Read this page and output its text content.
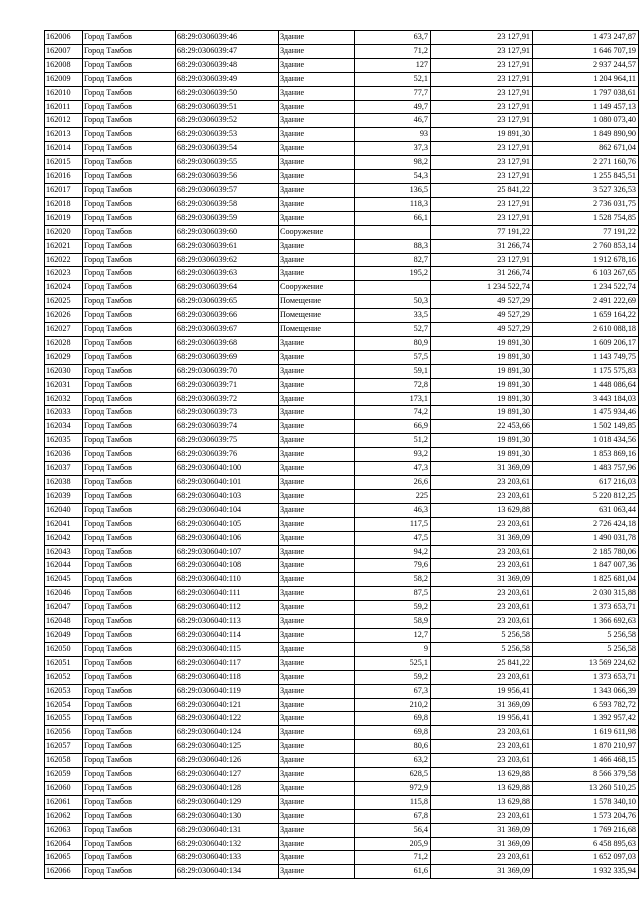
162006	Город Тамбов	68:29:0306039:46	Здание	63,7	23 127,91	1 473 247,87
162007	Город Тамбов	68:29:0306039:47	Здание	71,2	23 127,91	1 646 707,19
162008	Город Тамбов	68:29:0306039:48	Здание	127	23 127,91	2 937 244,57
162009	Город Тамбов	68:29:0306039:49	Здание	52,1	23 127,91	1 204 964,11
162010	Город Тамбов	68:29:0306039:50	Здание	77,7	23 127,91	1 797 038,61
162011	Город Тамбов	68:29:0306039:51	Здание	49,7	23 127,91	1 149 457,13
162012	Город Тамбов	68:29:0306039:52	Здание	46,7	23 127,91	1 080 073,40
162013	Город Тамбов	68:29:0306039:53	Здание	93	19 891,30	1 849 890,90
162014	Город Тамбов	68:29:0306039:54	Здание	37,3	23 127,91	862 671,04
162015	Город Тамбов	68:29:0306039:55	Здание	98,2	23 127,91	2 271 160,76
162016	Город Тамбов	68:29:0306039:56	Здание	54,3	23 127,91	1 255 845,51
162017	Город Тамбов	68:29:0306039:57	Здание	136,5	25 841,22	3 527 326,53
162018	Город Тамбов	68:29:0306039:58	Здание	118,3	23 127,91	2 736 031,75
162019	Город Тамбов	68:29:0306039:59	Здание	66,1	23 127,91	1 528 754,85
162020	Город Тамбов	68:29:0306039:60	Сооружение		77 191,22	77 191,22
162021	Город Тамбов	68:29:0306039:61	Здание	88,3	31 266,74	2 760 853,14
162022	Город Тамбов	68:29:0306039:62	Здание	82,7	23 127,91	1 912 678,16
162023	Город Тамбов	68:29:0306039:63	Здание	195,2	31 266,74	6 103 267,65
162024	Город Тамбов	68:29:0306039:64	Сооружение		1 234 522,74	1 234 522,74
162025	Город Тамбов	68:29:0306039:65	Помещение	50,3	49 527,29	2 491 222,69
162026	Город Тамбов	68:29:0306039:66	Помещение	33,5	49 527,29	1 659 164,22
162027	Город Тамбов	68:29:0306039:67	Помещение	52,7	49 527,29	2 610 088,18
162028	Город Тамбов	68:29:0306039:68	Здание	80,9	19 891,30	1 609 206,17
162029	Город Тамбов	68:29:0306039:69	Здание	57,5	19 891,30	1 143 749,75
162030	Город Тамбов	68:29:0306039:70	Здание	59,1	19 891,30	1 175 575,83
162031	Город Тамбов	68:29:0306039:71	Здание	72,8	19 891,30	1 448 086,64
162032	Город Тамбов	68:29:0306039:72	Здание	173,1	19 891,30	3 443 184,03
162033	Город Тамбов	68:29:0306039:73	Здание	74,2	19 891,30	1 475 934,46
162034	Город Тамбов	68:29:0306039:74	Здание	66,9	22 453,66	1 502 149,85
162035	Город Тамбов	68:29:0306039:75	Здание	51,2	19 891,30	1 018 434,56
162036	Город Тамбов	68:29:0306039:76	Здание	93,2	19 891,30	1 853 869,16
162037	Город Тамбов	68:29:0306040:100	Здание	47,3	31 369,09	1 483 757,96
162038	Город Тамбов	68:29:0306040:101	Здание	26,6	23 203,61	617 216,03
162039	Город Тамбов	68:29:0306040:103	Здание	225	23 203,61	5 220 812,25
162040	Город Тамбов	68:29:0306040:104	Здание	46,3	13 629,88	631 063,44
162041	Город Тамбов	68:29:0306040:105	Здание	117,5	23 203,61	2 726 424,18
162042	Город Тамбов	68:29:0306040:106	Здание	47,5	31 369,09	1 490 031,78
162043	Город Тамбов	68:29:0306040:107	Здание	94,2	23 203,61	2 185 780,06
162044	Город Тамбов	68:29:0306040:108	Здание	79,6	23 203,61	1 847 007,36
162045	Город Тамбов	68:29:0306040:110	Здание	58,2	31 369,09	1 825 681,04
162046	Город Тамбов	68:29:0306040:111	Здание	87,5	23 203,61	2 030 315,88
162047	Город Тамбов	68:29:0306040:112	Здание	59,2	23 203,61	1 373 653,71
162048	Город Тамбов	68:29:0306040:113	Здание	58,9	23 203,61	1 366 692,63
162049	Город Тамбов	68:29:0306040:114	Здание	12,7	5 256,58	5 256,58
162050	Город Тамбов	68:29:0306040:115	Здание	9	5 256,58	5 256,58
162051	Город Тамбов	68:29:0306040:117	Здание	525,1	25 841,22	13 569 224,62
162052	Город Тамбов	68:29:0306040:118	Здание	59,2	23 203,61	1 373 653,71
162053	Город Тамбов	68:29:0306040:119	Здание	67,3	19 956,41	1 343 066,39
162054	Город Тамбов	68:29:0306040:121	Здание	210,2	31 369,09	6 593 782,72
162055	Город Тамбов	68:29:0306040:122	Здание	69,8	19 956,41	1 392 957,42
162056	Город Тамбов	68:29:0306040:124	Здание	69,8	23 203,61	1 619 611,98
162057	Город Тамбов	68:29:0306040:125	Здание	80,6	23 203,61	1 870 210,97
162058	Город Тамбов	68:29:0306040:126	Здание	63,2	23 203,61	1 466 468,15
162059	Город Тамбов	68:29:0306040:127	Здание	628,5	13 629,88	8 566 379,58
162060	Город Тамбов	68:29:0306040:128	Здание	972,9	13 629,88	13 260 510,25
162061	Город Тамбов	68:29:0306040:129	Здание	115,8	13 629,88	1 578 340,10
162062	Город Тамбов	68:29:0306040:130	Здание	67,8	23 203,61	1 573 204,76
162063	Город Тамбов	68:29:0306040:131	Здание	56,4	31 369,09	1 769 216,68
162064	Город Тамбов	68:29:0306040:132	Здание	205,9	31 369,09	6 458 895,63
162065	Город Тамбов	68:29:0306040:133	Здание	71,2	23 203,61	1 652 097,03
162066	Город Тамбов	68:29:0306040:134	Здание	61,6	31 369,09	1 932 335,94
